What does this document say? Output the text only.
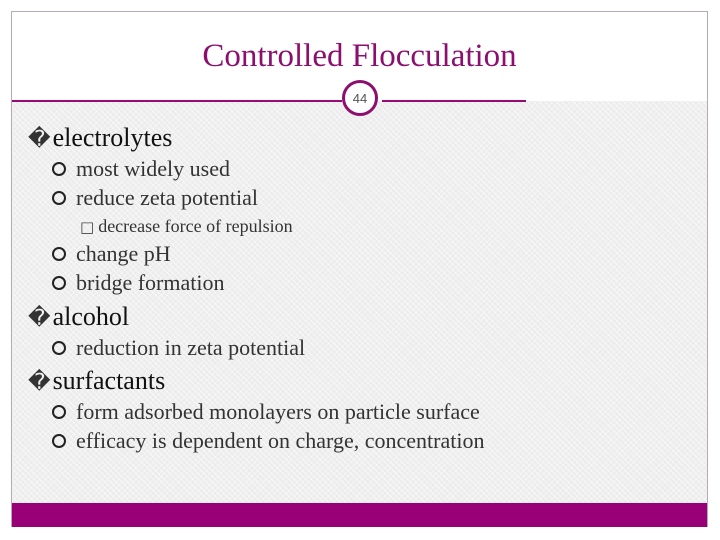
Controlled Flocculation
44
�electrolytes
most widely used
reduce zeta potential
□ decrease force of repulsion
change pH
bridge formation
�alcohol
reduction in zeta potential
�surfactants
form adsorbed monolayers on particle surface
efficacy is dependent on charge, concentration
